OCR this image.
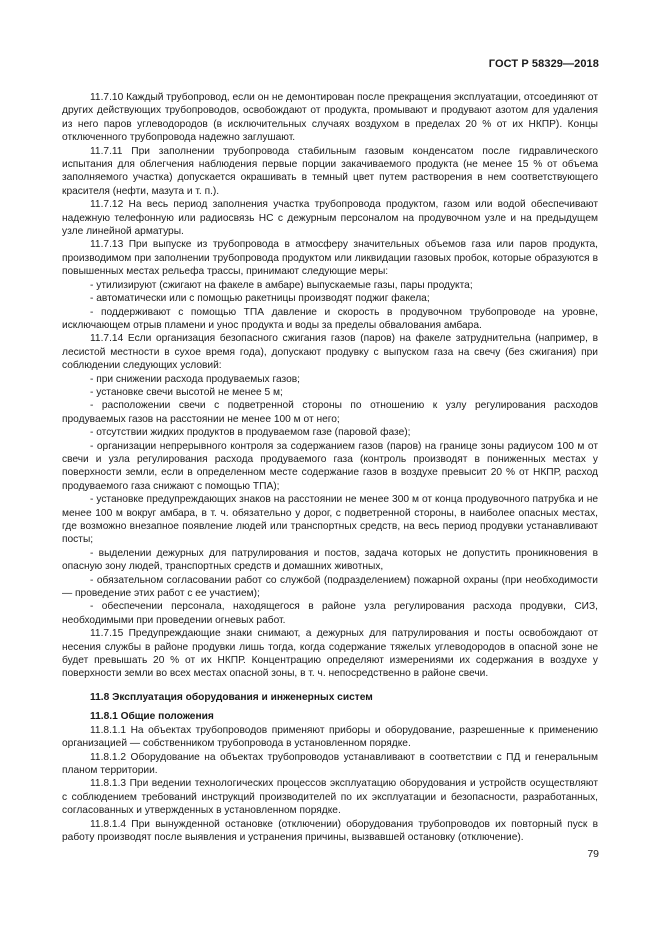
ГОСТ Р 58329—2018

11.7.10 Каждый трубопровод, если он не демонтирован после прекращения эксплуатации, отсоединяют от других действующих трубопроводов, освобождают от продукта, промывают и продувают азотом для удаления из него паров углеводородов (в исключительных случаях воздухом в пределах 20 % от их НКПР). Концы отключенного трубопровода надежно заглушают.

11.7.11 При заполнении трубопровода стабильным газовым конденсатом после гидравлического испытания для облегчения наблюдения первые порции закачиваемого продукта (не менее 15 % от объема заполняемого участка) допускается окрашивать в темный цвет путем растворения в нем соответствующего красителя (нефти, мазута и т. п.).

11.7.12 На весь период заполнения участка трубопровода продуктом, газом или водой обеспечивают надежную телефонную или радиосвязь НС с дежурным персоналом на продувочном узле и на предыдущем узле линейной арматуры.

11.7.13 При выпуске из трубопровода в атмосферу значительных объемов газа или паров продукта, производимом при заполнении трубопровода продуктом или ликвидации газовых пробок, которые образуются в повышенных местах рельефа трассы, принимают следующие меры:

- утилизируют (сжигают на факеле в амбаре) выпускаемые газы, пары продукта;

- автоматически или с помощью ракетницы производят поджиг факела;

- поддерживают с помощью ТПА давление и скорость в продувочном трубопроводе на уровне, исключающем отрыв пламени и унос продукта и воды за пределы обвалования амбара.

11.7.14 Если организация безопасного сжигания газов (паров) на факеле затруднительна (например, в лесистой местности в сухое время года), допускают продувку с выпуском газа на свечу (без сжигания) при соблюдении следующих условий:

- при снижении расхода продуваемых газов;

- установке свечи высотой не менее 5 м;

- расположении свечи с подветренной стороны по отношению к узлу регулирования расходов продуваемых газов на расстоянии не менее 100 м от него;

- отсутствии жидких продуктов в продуваемом газе (паровой фазе);

- организации непрерывного контроля за содержанием газов (паров) на границе зоны радиусом 100 м от свечи и узла регулирования расхода продуваемого газа (контроль производят в пониженных местах у поверхности земли, если в определенном месте содержание газов в воздухе превысит 20 % от НКПР, расход продуваемого газа снижают с помощью ТПА);

- установке предупреждающих знаков на расстоянии не менее 300 м от конца продувочного патрубка и не менее 100 м вокруг амбара, в т. ч. обязательно у дорог, с подветренной стороны, в наиболее опасных местах, где возможно внезапное появление людей или транспортных средств, на весь период продувки устанавливают посты;

- выделении дежурных для патрулирования и постов, задача которых не допустить проникновения в опасную зону людей, транспортных средств и домашних животных,

- обязательном согласовании работ со службой (подразделением) пожарной охраны (при необходимости — проведение этих работ с ее участием);

- обеспечении персонала, находящегося в районе узла регулирования расхода продувки, СИЗ, необходимыми при проведении огневых работ.

11.7.15 Предупреждающие знаки снимают, а дежурных для патрулирования и посты освобождают от несения службы в районе продувки лишь тогда, когда содержание тяжелых углеводородов в опасной зоне не будет превышать 20 % от их НКПР. Концентрацию определяют измерениями их содержания в воздухе у поверхности земли во всех местах опасной зоны, в т. ч. непосредственно в районе свечи.

11.8 Эксплуатация оборудования и инженерных систем

11.8.1 Общие положения

11.8.1.1 На объектах трубопроводов применяют приборы и оборудование, разрешенные к применению организацией — собственником трубопровода в установленном порядке.

11.8.1.2 Оборудование на объектах трубопроводов устанавливают в соответствии с ПД и генеральным планом территории.

11.8.1.3 При ведении технологических процессов эксплуатацию оборудования и устройств осуществляют с соблюдением требований инструкций производителей по их эксплуатации и безопасности, разработанных, согласованных и утвержденных в установленном порядке.

11.8.1.4 При вынужденной остановке (отключении) оборудования трубопроводов их повторный пуск в работу производят после выявления и устранения причины, вызвавшей остановку (отключение).

79
